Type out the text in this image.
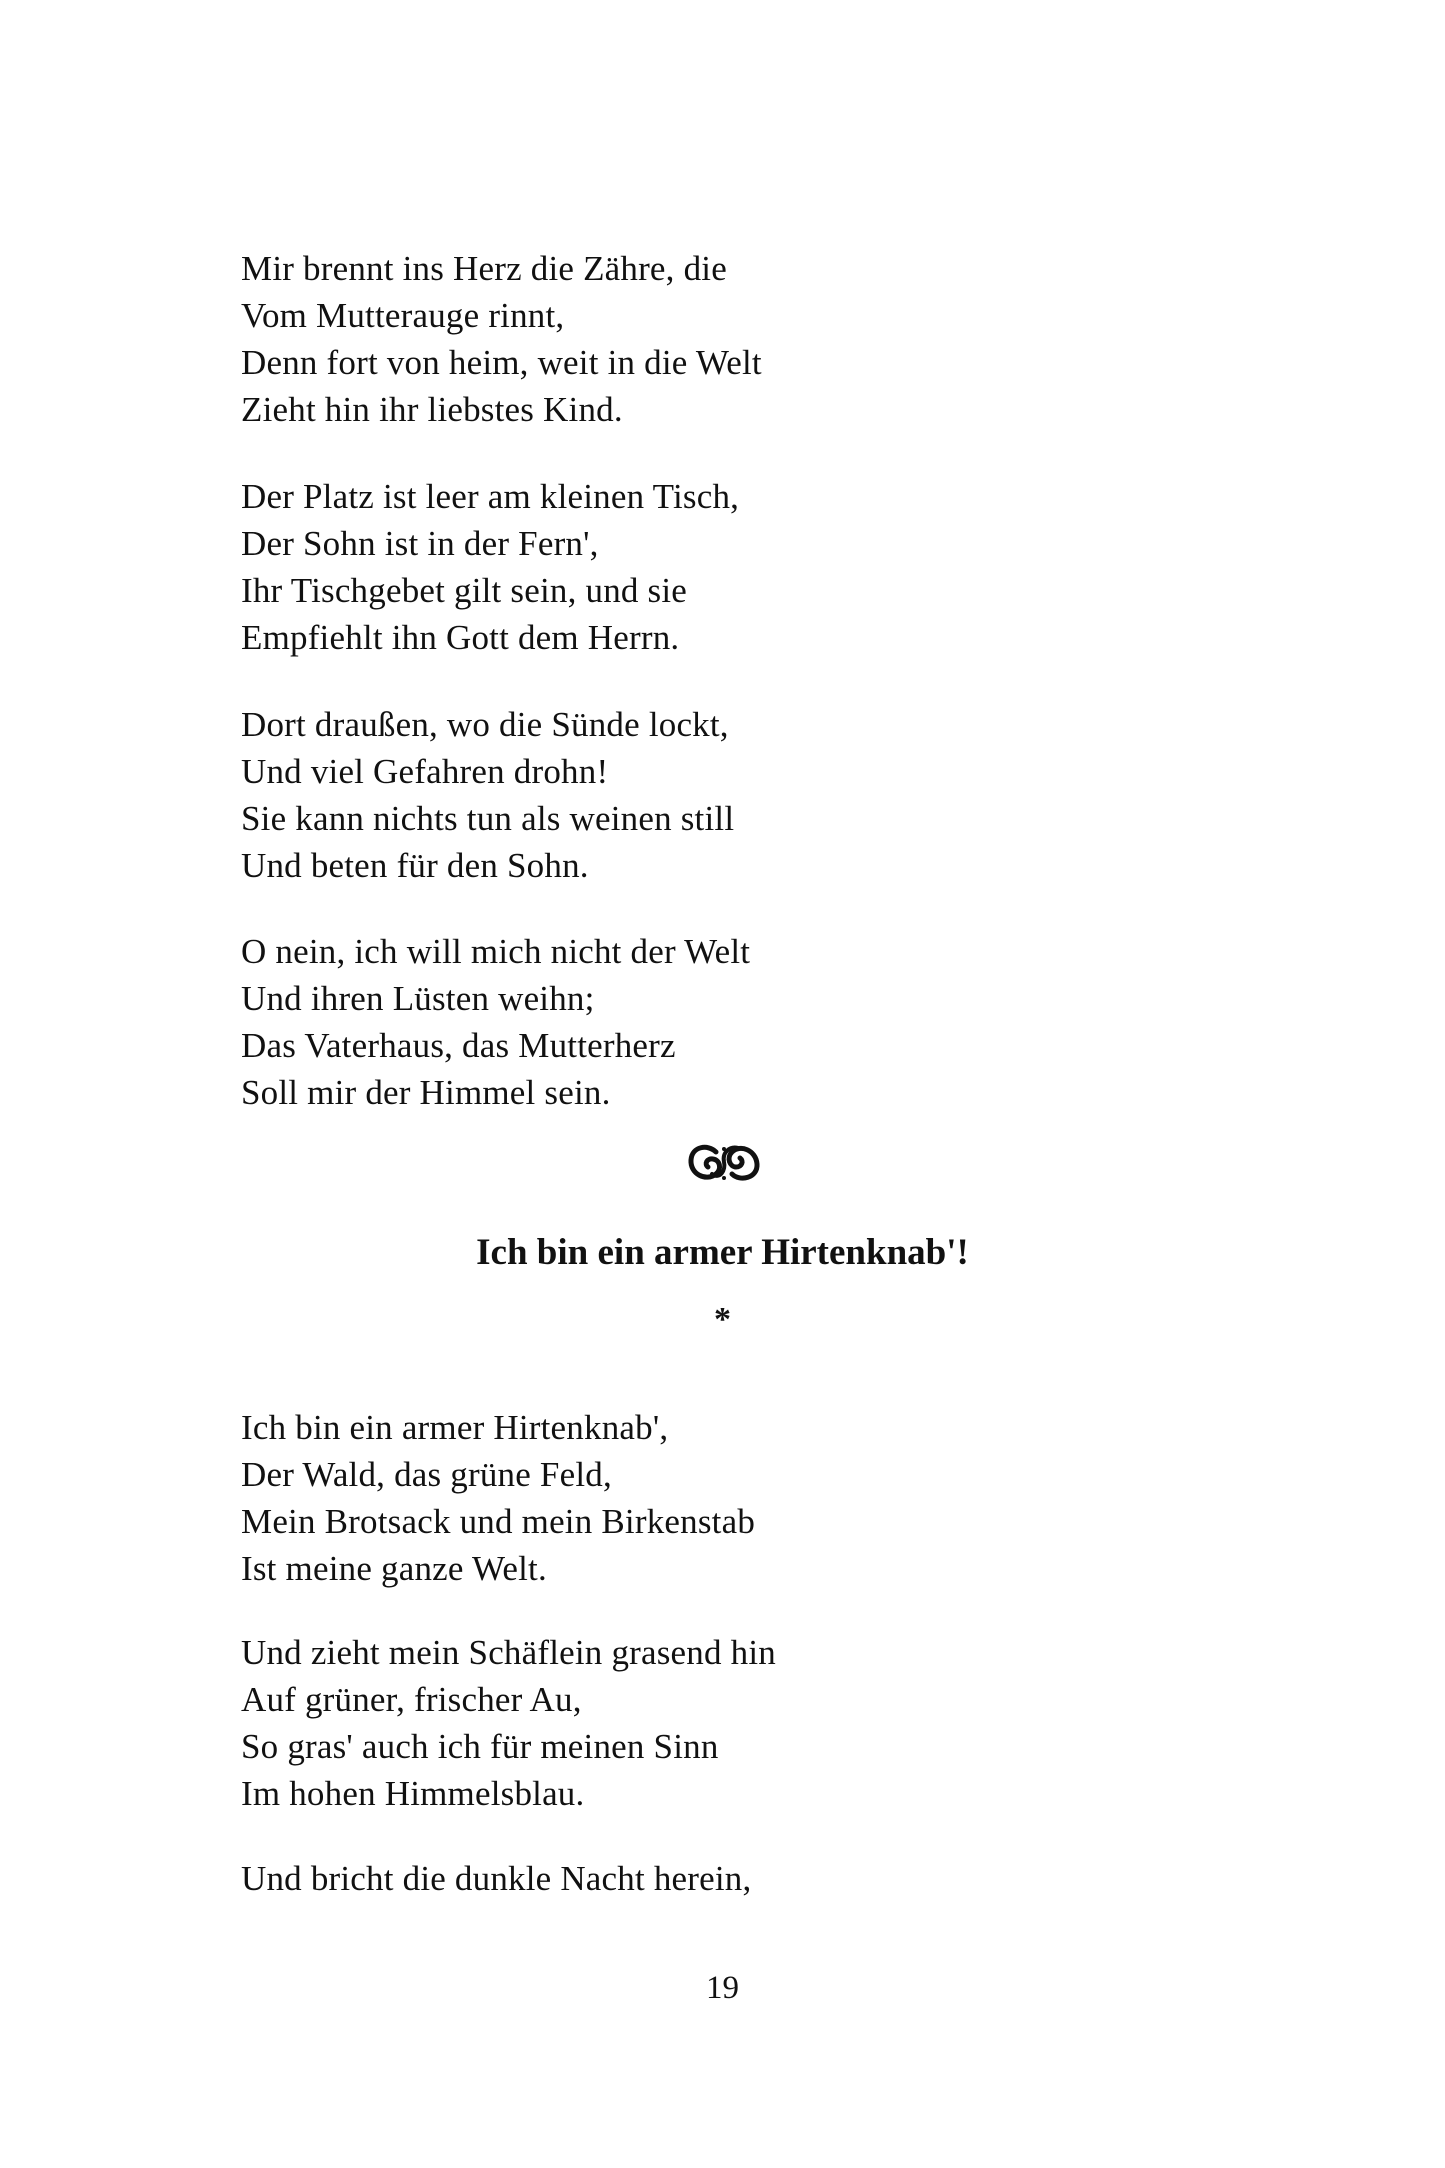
Mir brennt ins Herz die Zähre, die
Vom Mutterauge rinnt,
Denn fort von heim, weit in die Welt
Zieht hin ihr liebstes Kind.
Der Platz ist leer am kleinen Tisch,
Der Sohn ist in der Fern',
Ihr Tischgebet gilt sein, und sie
Empfiehlt ihn Gott dem Herrn.
Dort draußen, wo die Sünde lockt,
Und viel Gefahren drohn!
Sie kann nichts tun als weinen still
Und beten für den Sohn.
O nein, ich will mich nicht der Welt
Und ihren Lüsten weihn;
Das Vaterhaus, das Mutterherz
Soll mir der Himmel sein.
Ich bin ein armer Hirtenknab'!
*
Ich bin ein armer Hirtenknab',
Der Wald, das grüne Feld,
Mein Brotsack und mein Birkenstab
Ist meine ganze Welt.
Und zieht mein Schäflein grasend hin
Auf grüner, frischer Au,
So gras' auch ich für meinen Sinn
Im hohen Himmelsblau.
Und bricht die dunkle Nacht herein,
19
